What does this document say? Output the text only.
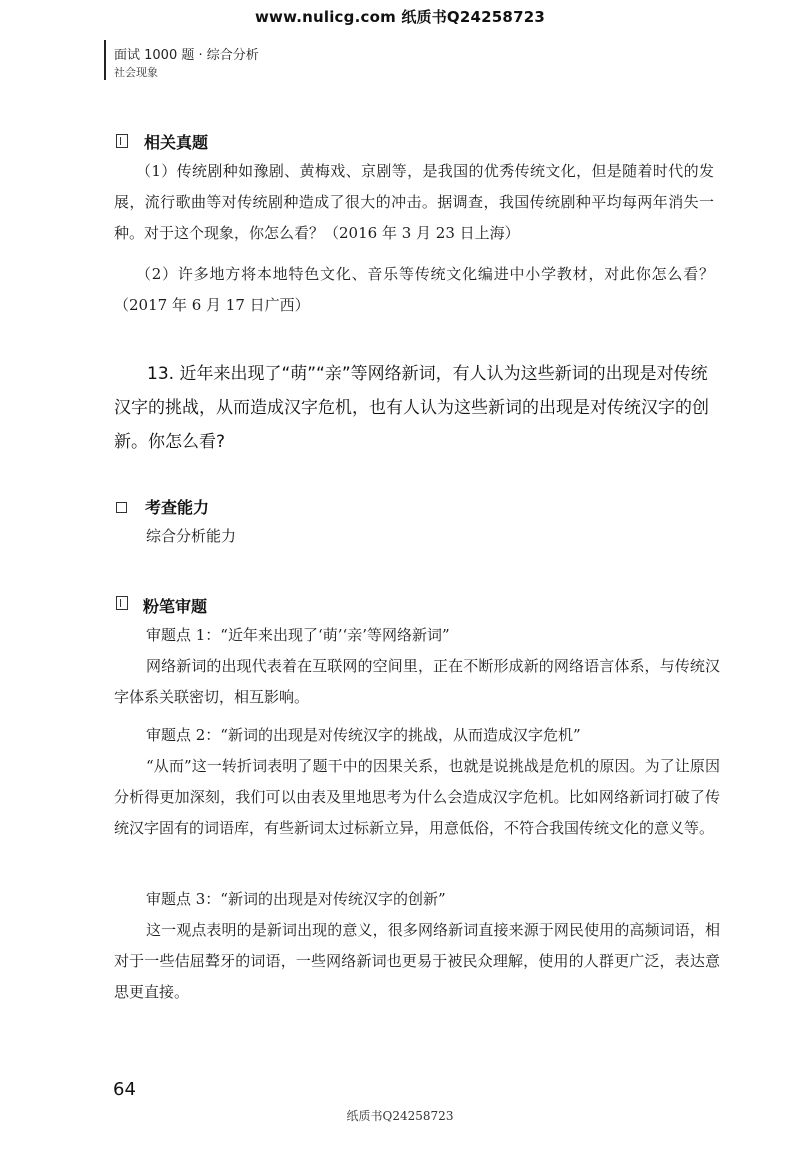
www.nulicg.com 纸质书Q24258723
面试 1000 题 · 综合分析
社会现象
相关真题
（1）传统剧种如豫剧、黄梅戏、京剧等，是我国的优秀传统文化，但是随着时代的发展，流行歌曲等对传统剧种造成了很大的冲击。据调查，我国传统剧种平均每两年消失一种。对于这个现象，你怎么看？（2016 年 3 月 23 日上海）
（2）许多地方将本地特色文化、音乐等传统文化编进中小学教材，对此你怎么看？（2017 年 6 月 17 日广西）
13. 近年来出现了“萌”“亲”等网络新词，有人认为这些新词的出现是对传统汉字的挑战，从而造成汉字危机，也有人认为这些新词的出现是对传统汉字的创新。你怎么看?
考查能力
综合分析能力
粉笔审题
审题点 1：“近年来出现了‘萌’‘亲’等网络新词”
网络新词的出现代表着在互联网的空间里，正在不断形成新的网络语言体系，与传统汉字体系关联密切，相互影响。
审题点 2：“新词的出现是对传统汉字的挑战，从而造成汉字危机”
“从而”这一转折词表明了题干中的因果关系，也就是说挑战是危机的原因。为了让原因分析得更加深刻，我们可以由表及里地思考为什么会造成汉字危机。比如网络新词打破了传统汉字固有的词语库，有些新词太过标新立异，用意低俗，不符合我国传统文化的意义等。
审题点 3：“新词的出现是对传统汉字的创新”
这一观点表明的是新词出现的意义，很多网络新词直接来源于网民使用的高频词语，相对于一些佶屈聱牙的词语，一些网络新词也更易于被民众理解，使用的人群更广泛，表达意思更直接。
64
纸质书Q24258723
